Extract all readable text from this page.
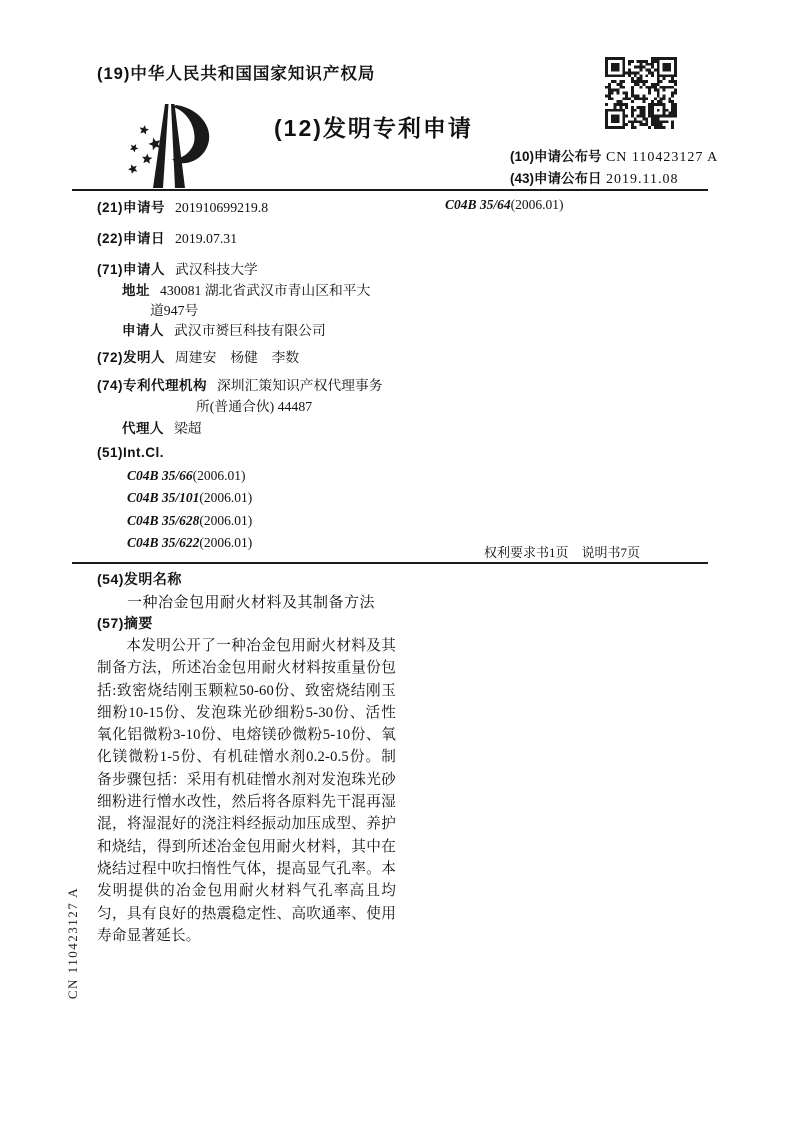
(19)中华人民共和国国家知识产权局
(12)发明专利申请
(10)申请公布号 CN 110423127 A
(43)申请公布日 2019.11.08
(21)申请号 201910699219.8
(22)申请日 2019.07.31
(71)申请人 武汉科技大学
地址 430081 湖北省武汉市青山区和平大
道947号
申请人 武汉市赟巨科技有限公司
(72)发明人 周建安　杨健　李数
(74)专利代理机构 深圳汇策知识产权代理事务
所(普通合伙) 44487
代理人 梁超
(51)Int.Cl.
C04B 35/66(2006.01)
C04B 35/101(2006.01)
C04B 35/628(2006.01)
C04B 35/622(2006.01)
C04B 35/64(2006.01)
权利要求书1页　说明书7页
(54)发明名称
一种冶金包用耐火材料及其制备方法
(57)摘要
本发明公开了一种冶金包用耐火材料及其制备方法，所述冶金包用耐火材料按重量份包括:致密烧结刚玉颗粒50-60份、致密烧结刚玉细粉10-15份、发泡珠光砂细粉5-30份、活性氧化铝微粉3-10份、电熔镁砂微粉5-10份、氧化镁微粉1-5份、有机硅憎水剂0.2-0.5份。制备步骤包括：采用有机硅憎水剂对发泡珠光砂细粉进行憎水改性，然后将各原料先干混再湿混，将湿混好的浇注料经振动加压成型、养护和烧结，得到所述冶金包用耐火材料，其中在烧结过程中吹扫惰性气体，提高显气孔率。本发明提供的冶金包用耐火材料气孔率高且均匀，具有良好的热震稳定性、高吹通率、使用寿命显著延长。
CN 110423127 A
